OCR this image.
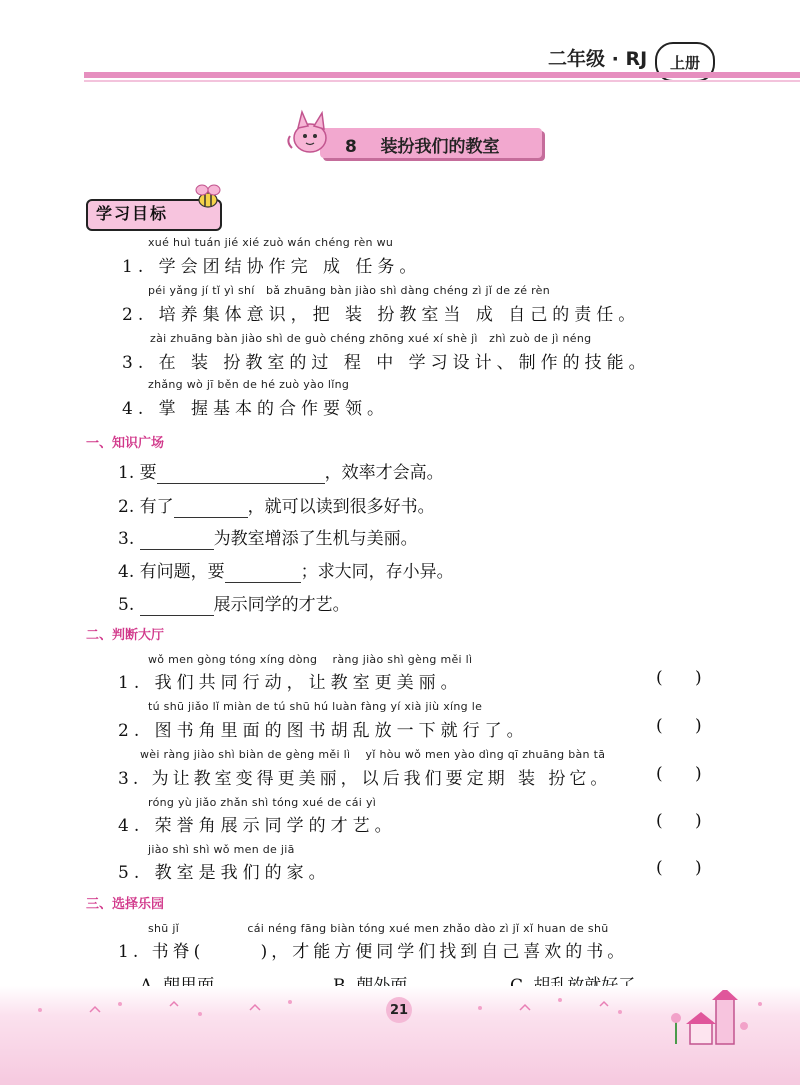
二年级 · RJ	上册
8 装扮我们的教室
学习目标
xué huì tuán jié xié zuò wán chéng rèn wu
1. 学会团结协作完 成 任务。
péi yǎng jí tǐ yì shí   bǎ zhuāng bàn jiào shì dàng chéng zì jǐ de zé rèn
2. 培养集体意识，把 装 扮教室当 成 自己的责任。
zài zhuāng bàn jiào shì de guò chéng zhōng xué xí shè jì   zhì zuò de jì néng
3. 在 装 扮教室的过 程 中 学习设计、制作的技能。
zhǎng wò jī běn de hé zuò yào lǐng
4. 掌 握基本的合作要领。
一、知识广场
1. 要	，效率才会高。
2. 有了	，就可以读到很多好书。
3.	为教室增添了生机与美丽。
4. 有问题，要	；求大同，存小异。
5.	展示同学的才艺。
二、判断大厅
wǒ men gòng tóng xíng dòng    ràng jiào shì gèng měi lì
1. 我们共同行动，让教室更美丽。	(      )
tú shū jiǎo lǐ miàn de tú shū hú luàn fàng yí xià jiù xíng le
2. 图书角里面的图书胡乱放一下就行了。	(      )
wèi ràng jiào shì biàn de gèng měi lì    yǐ hòu wǒ men yào dìng qī zhuāng bàn tā
3. 为让教室变得更美丽，以后我们要定期 装 扮它。	(      )
róng yù jiǎo zhǎn shì tóng xué de cái yì
4. 荣誉角展示同学的才艺。	(      )
jiào shì shì wǒ men de jiā
5. 教室是我们的家。	(      )
三、选择乐园
shū jǐ                  cái néng fāng biàn tóng xué men zhǎo dào zì jǐ xǐ huan de shū
1. 书脊(      )，才能方便同学们找到自己喜欢的书。
21
